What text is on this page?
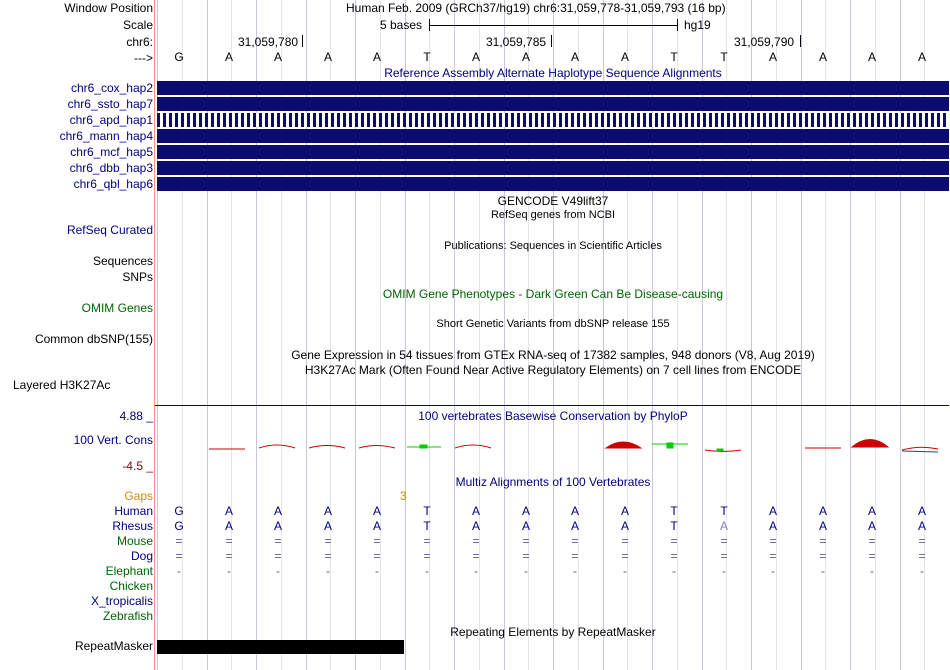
Window Position	Human Feb. 2009 (GRCh37/hg19) chr6:31,059,778-31,059,793 (16 bp)
Scale	5 bases	hg19
chr6:	31,059,780	31,059,785	31,059,790
--->	G	A	A	A	A	T	A	A	A	A	T	T	A	A	A	A
Reference Assembly Alternate Haplotype Sequence Alignments
chr6_cox_hap2
chr6_ssto_hap7
chr6_apd_hap1
chr6_mann_hap4
chr6_mcf_hap5
chr6_dbb_hap3
chr6_qbl_hap6
GENCODE V49lift37
RefSeq genes from NCBI
RefSeq Curated
Publications: Sequences in Scientific Articles
Sequences
SNPs
OMIM Gene Phenotypes - Dark Green Can Be Disease-causing
OMIM Genes
Short Genetic Variants from dbSNP release 155
Common dbSNP(155)
Gene Expression in 54 tissues from GTEx RNA-seq of 17382 samples, 948 donors (V8, Aug 2019)
H3K27Ac Mark (Often Found Near Active Regulatory Elements) on 7 cell lines from ENCODE
Layered H3K27Ac
4.88 _	100 vertebrates Basewise Conservation by PhyloP
100 Vert. Cons
-4.5 _
Multiz Alignments of 100 Vertebrates
Gaps	3
Human	G	A	A	A	A	T	A	A	A	A	T	T	A	A	A	A
Rhesus	G	A	A	A	A	T	A	A	A	A	T	A	A	A	A	A
Mouse	=	=	=	=	=	=	=	=	=	=	=	=	=	=	=	=
Dog	=	=	=	=	=	=	=	=	=	=	=	=	=	=	=	=
Elephant	-	-	-	-	-	-	-	-	-	-	-	-	-	-	-	-
Chicken
X_tropicalis
Zebrafish
Repeating Elements by RepeatMasker
RepeatMasker
